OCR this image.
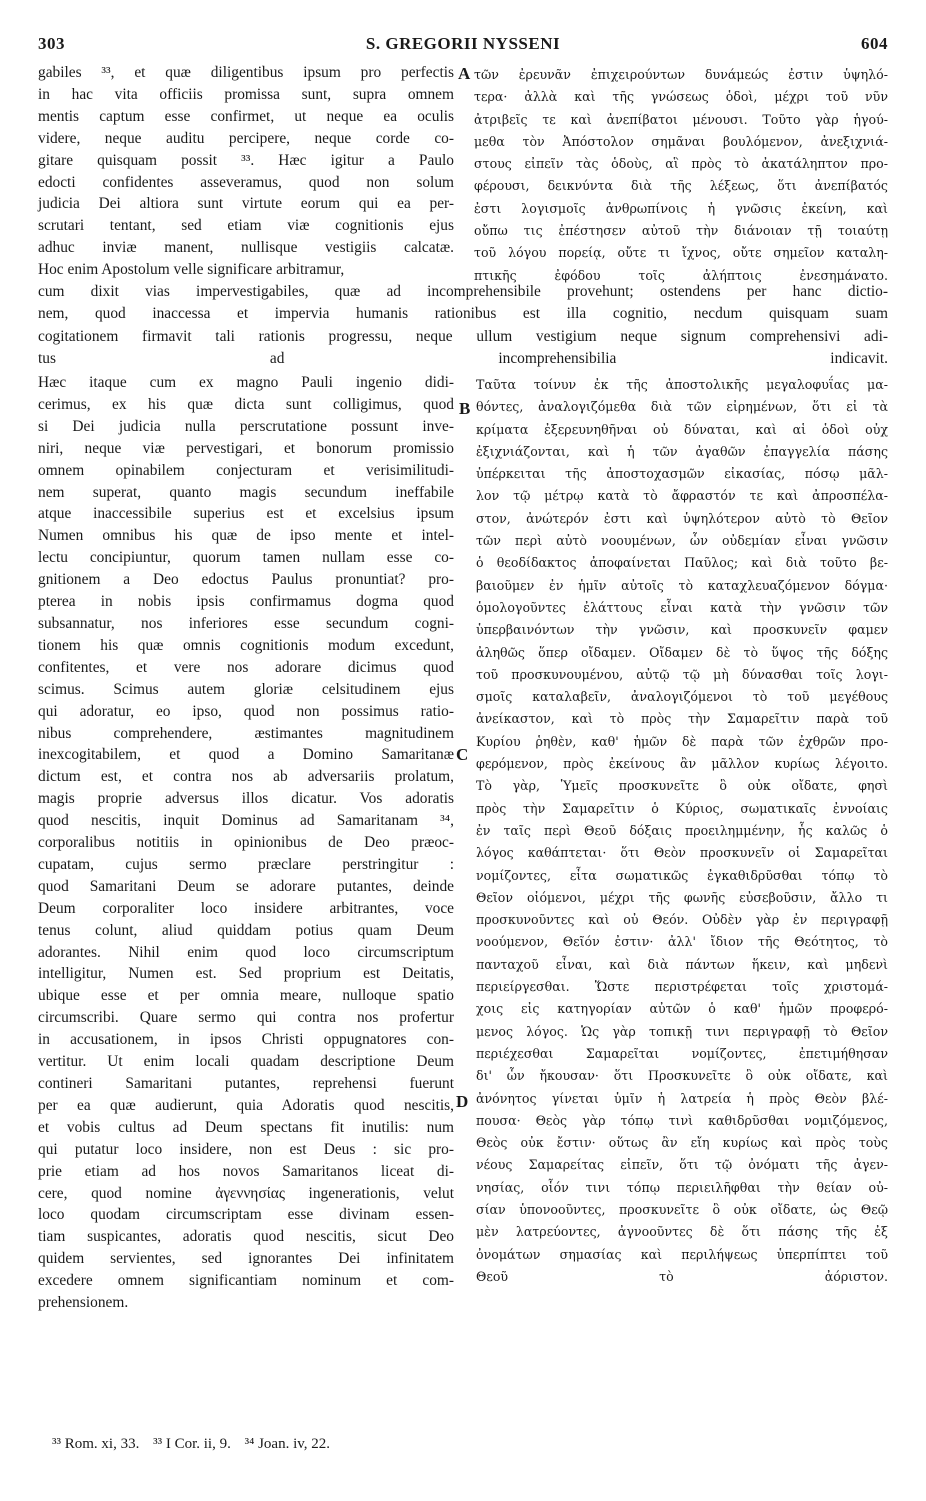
303	S. GREGORII NYSSENI	604
gabiles ³³, et quæ diligentibus ipsum pro perfectis
in hac vita officiis promissa sunt, supra omnem
mentis captum esse confirmet, ut neque ea oculis
videre, neque auditu percipere, neque corde co-
gitare quisquam possit ³³. Hæc igitur a Paulo
edocti confidentes asseveramus, quod non solum
judicia Dei altiora sunt virtute eorum qui ea per-
scrutari tentant, sed etiam viæ cognitionis ejus
adhuc inviæ manent, nullisque vestigiis calcatæ.
Hoc enim Apostolum velle significare arbitramur,
τῶν ἐρευνᾶν ἐπιχειρούντων δυνάμεώς ἐστιν ὑψηλό-
τερα· ἀλλὰ καὶ τῆς γνώσεως ὁδοὶ, μέχρι τοῦ νῦν
ἀτριβεῖς τε καὶ ἀνεπίβατοι μένουσι. Τοῦτο γὰρ ἡγού-
μεθα τὸν Ἀπόστολον σημᾶναι βουλόμενον, ἀνεξιχνιά-
στους εἰπεῖν τὰς ὁδοὺς, αἳ πρὸς τὸ ἀκατάληπτον προ-
φέρουσι, δεικνύντα διὰ τῆς λέξεως, ὅτι ἀνεπίβατός
ἐστι λογισμοῖς ἀνθρωπίνοις ἡ γνῶσις ἐκείνη, καὶ
οὔπω τις ἐπέστησεν αὐτοῦ τὴν διάνοιαν τῇ τοιαύτῃ
τοῦ λόγου πορείᾳ, οὔτε τι ἴχνος, οὔτε σημεῖον καταλη-
πτικῆς ἐφόδου τοῖς ἀλήπτοις ἐνεσημάνατο.
cum dixit vias impervestigabiles, quæ ad incomprehensibile provehunt; ostendens per hanc dictio-
nem, quod inaccessa et impervia humanis rationibus est illa cognitio, necdum quisquam suam
cogitationem firmavit tali rationis progressu, neque ullum vestigium neque signum comprehensivi adi-
tus ad incomprehensibilia indicavit.
Hæc itaque cum ex magno Pauli ingenio didi-
cerimus, ex his quæ dicta sunt colligimus, quod
si Dei judicia nulla perscrutatione possunt inve-
niri, neque viæ pervestigari, et bonorum promissio
omnem opinabilem conjecturam et verisimilitudi-
nem superat, quanto magis secundum ineffabile
atque inaccessibile superius est et excelsius ipsum
Numen omnibus his quæ de ipso mente et intel-
lectu concipiuntur, quorum tamen nullam esse co-
gnitionem a Deo edoctus Paulus pronuntiat? pro-
pterea in nobis ipsis confirmamus dogma quod
subsannatur, nos inferiores esse secundum cogni-
tionem his quæ omnis cognitionis modum excedunt,
confitentes, et vere nos adorare dicimus quod
scimus. Scimus autem gloriæ celsitudinem ejus
qui adoratur, eo ipso, quod non possimus ratio-
nibus comprehendere, æstimantes magnitudinem
inexcogitabilem, et quod a Domino Samaritanæ
dictum est, et contra nos ab adversariis prolatum,
magis proprie adversus illos dicatur. Vos adoratis
quod nescitis, inquit Dominus ad Samaritanam ³⁴,
corporalibus notitiis in opinionibus de Deo præoc-
cupatam, cujus sermo præclare perstringitur :
quod Samaritani Deum se adorare putantes, deinde
Deum corporaliter loco insidere arbitrantes, voce
tenus colunt, aliud quiddam potius quam Deum
adorantes. Nihil enim quod loco circumscriptum
intelligitur, Numen est. Sed proprium est Deitatis,
ubique esse et per omnia meare, nulloque spatio
circumscribi. Quare sermo qui contra nos profertur
in accusationem, in ipsos Christi oppugnatores con-
vertitur. Ut enim locali quadam descriptione Deum
contineri Samaritani putantes, reprehensi fuerunt
per ea quæ audierunt, quia Adoratis quod nescitis,
et vobis cultus ad Deum spectans fit inutilis: num
qui putatur loco insidere, non est Deus : sic pro-
prie etiam ad hos novos Samaritanos liceat di-
cere, quod nomine ἀγεννησίας ingenerationis, velut
loco quodam circumscriptam esse divinam essen-
tiam suspicantes, adoratis quod nescitis, sicut Deo
quidem servientes, sed ignorantes Dei infinitatem
excedere omnem significantiam nominum et com-
prehensionem.
Ταῦτα τοίνυν ἐκ τῆς ἀποστολικῆς μεγαλοφυΐας μα-
θόντες, ἀναλογιζόμεθα διὰ τῶν εἰρημένων, ὅτι εἰ τὰ
κρίματα ἐξερευνηθῆναι οὐ δύναται, καὶ αἱ ὁδοὶ οὐχ
ἐξιχνιάζονται, καὶ ἡ τῶν ἀγαθῶν ἐπαγγελία πάσης
ὑπέρκειται τῆς ἀποστοχασμῶν εἰκασίας, πόσῳ μᾶλ-
λον τῷ μέτρῳ κατὰ τὸ ἄφραστόν τε καὶ ἀπροσπέλα-
στον, ἀνώτερόν ἐστι καὶ ὑψηλότερον αὐτὸ τὸ Θεῖον
τῶν περὶ αὐτὸ νοουμένων, ὧν οὐδεμίαν εἶναι γνῶσιν
ὁ θεοδίδακτος ἀποφαίνεται Παῦλος; καὶ διὰ τοῦτο βε-
βαιοῦμεν ἐν ἡμῖν αὐτοῖς τὸ καταχλευαζόμενον δόγμα·
ὁμολογοῦντες ἐλάττους εἶναι κατὰ τὴν γνῶσιν τῶν
ὑπερβαινόντων τὴν γνῶσιν, καὶ προσκυνεῖν φαμεν
ἀληθῶς ὅπερ οἴδαμεν. Οἴδαμεν δὲ τὸ ὕψος τῆς δόξης
τοῦ προσκυνουμένου, αὐτῷ τῷ μὴ δύνασθαι τοῖς λογι-
σμοῖς καταλαβεῖν, ἀναλογιζόμενοι τὸ τοῦ μεγέθους
ἀνείκαστον, καὶ τὸ πρὸς τὴν Σαμαρεῖτιν παρὰ τοῦ
Κυρίου ῥηθὲν, καθ' ἡμῶν δὲ παρὰ τῶν ἐχθρῶν προ-
φερόμενον, πρὸς ἐκείνους ἂν μᾶλλον κυρίως λέγοιτο.
Τὸ γὰρ, Ὑμεῖς προσκυνεῖτε ὃ οὐκ οἴδατε, φησὶ
πρὸς τὴν Σαμαρεῖτιν ὁ Κύριος, σωματικαῖς ἐννοίαις
ἐν ταῖς περὶ Θεοῦ δόξαις προειλημμένην, ἧς καλῶς ὁ
λόγος καθάπτεται· ὅτι Θεὸν προσκυνεῖν οἱ Σαμαρεῖται
νομίζοντες, εἶτα σωματικῶς ἐγκαθιδρῦσθαι τόπῳ τὸ
Θεῖον οἰόμενοι, μέχρι τῆς φωνῆς εὐσεβοῦσιν, ἄλλο τι
προσκυνοῦντες καὶ οὐ Θεόν. Οὐδὲν γὰρ ἐν περιγραφῇ
νοούμενον, Θεῖόν ἐστιν· ἀλλ' ἴδιον τῆς Θεότητος, τὸ
πανταχοῦ εἶναι, καὶ διὰ πάντων ἥκειν, καὶ μηδενὶ
περιείργεσθαι. Ὥστε περιστρέφεται τοῖς χριστομά-
χοις εἰς κατηγορίαν αὐτῶν ὁ καθ' ἡμῶν προφερό-
μενος λόγος. Ὡς γὰρ τοπικῇ τινι περιγραφῇ τὸ Θεῖον
περιέχεσθαι Σαμαρεῖται νομίζοντες, ἐπετιμήθησαν
δι' ὧν ἤκουσαν· ὅτι Προσκυνεῖτε ὃ οὐκ οἴδατε, καὶ
ἀνόνητος γίνεται ὑμῖν ἡ λατρεία ἡ πρὸς Θεὸν βλέ-
πουσα· Θεὸς γὰρ τόπῳ τινὶ καθιδρῦσθαι νομιζόμενος,
Θεὸς οὐκ ἔστιν· οὕτως ἂν εἴη κυρίως καὶ πρὸς τοὺς
νέους Σαμαρείτας εἰπεῖν, ὅτι τῷ ὀνόματι τῆς ἀγεν-
νησίας, οἷόν τινι τόπῳ περιειλῆφθαι τὴν θείαν οὐ-
σίαν ὑπονοοῦντες, προσκυνεῖτε ὃ οὐκ οἴδατε, ὡς Θεῷ
μὲν λατρεύοντες, ἀγνοοῦντες δὲ ὅτι πάσης τῆς ἐξ
ὀνομάτων σημασίας καὶ περιλήψεως ὑπερπίπτει τοῦ
Θεοῦ τὸ ἀόριστον.
A
B
C
D
³³ Rom. xi, 33. ³³ I Cor. ii, 9. ³⁴ Joan. iv, 22.
